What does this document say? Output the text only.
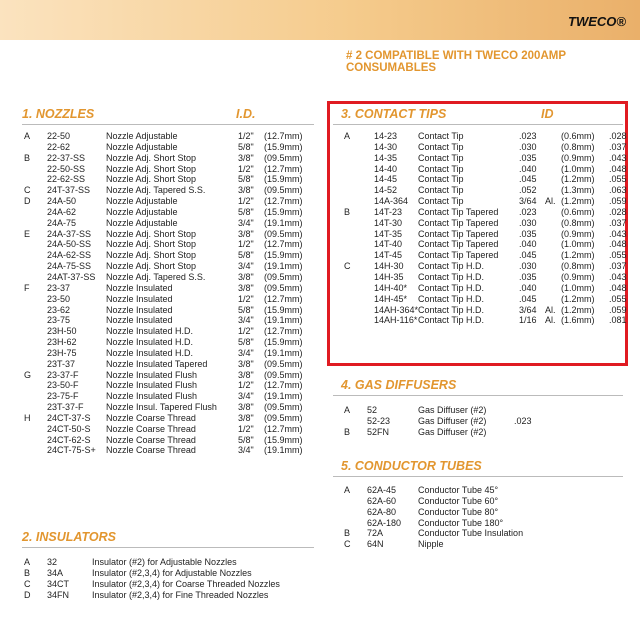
TWECO®
# 2 COMPATIBLE WITH TWECO 200AMP CONSUMABLES
1. NOZZLES	I.D.
A 22-50	Nozzle Adjustable	1/2" (12.7mm)
22-62	Nozzle Adjustable	5/8" (15.9mm)
B 22-37-SS Nozzle Adj. Short Stop	3/8" (09.5mm)
22-50-SS Nozzle Adj. Short Stop	1/2" (12.7mm)
22-62-SS Nozzle Adj. Short Stop	5/8" (15.9mm)
C 24T-37-SS Nozzle Adj. Tapered S.S.	3/8" (09.5mm)
D 24A-50	Nozzle Adjustable	1/2" (12.7mm)
24A-62	Nozzle Adjustable	5/8" (15.9mm)
24A-75	Nozzle Adjustable	3/4" (19.1mm)
E 24A-37-SS Nozzle Adj. Short Stop	3/8" (09.5mm)
24A-50-SS Nozzle Adj. Short Stop	1/2" (12.7mm)
24A-62-SS Nozzle Adj. Short Stop	5/8" (15.9mm)
24A-75-SS Nozzle Adj. Short Stop	3/4" (19.1mm)
24AT-37-SS Nozzle Adj. Tapered S.S.	3/8" (09.5mm)
F 23-37	Nozzle Insulated	3/8" (09.5mm)
23-50	Nozzle Insulated	1/2" (12.7mm)
23-62	Nozzle Insulated	5/8" (15.9mm)
23-75	Nozzle Insulated	3/4" (19.1mm)
23H-50	Nozzle Insulated H.D.	1/2" (12.7mm)
23H-62	Nozzle Insulated H.D.	5/8" (15.9mm)
23H-75	Nozzle Insulated H.D.	3/4" (19.1mm)
23T-37	Nozzle Insulated Tapered	3/8" (09.5mm)
G 23-37-F	Nozzle Insulated Flush	3/8" (09.5mm)
23-50-F	Nozzle Insulated Flush	1/2" (12.7mm)
23-75-F	Nozzle Insulated Flush	3/4" (19.1mm)
23T-37-F Nozzle Insul. Tapered Flush 3/8" (09.5mm)
H 24CT-37-S Nozzle Coarse Thread	3/8" (09.5mm)
24CT-50-S Nozzle Coarse Thread	1/2" (12.7mm)
24CT-62-S Nozzle Coarse Thread	5/8" (15.9mm)
24CT-75-S+ Nozzle Coarse Thread	3/4" (19.1mm)
2. INSULATORS
A 32	Insulator (#2) for Adjustable Nozzles
B 34A	Insulator (#2,3,4) for Adjustable Nozzles
C 34CT	Insulator (#2,3,4) for Coarse Threaded Nozzles
D 34FN	Insulator (#2,3,4) for Fine Threaded Nozzles
3. CONTACT TIPS	ID
A	14-23 Contact Tip	.023	(0.6mm) .028
14-30 Contact Tip	.030	(0.8mm) .037
14-35 Contact Tip	.035	(0.9mm) .043
14-40 Contact Tip	.040	(1.0mm) .048
14-45 Contact Tip	.045	(1.2mm) .055
14-52 Contact Tip	.052	(1.3mm) .063
14A-364 Contact Tip	3/64 Al. (1.2mm) .059
B	14T-23 Contact Tip Tapered .023	(0.6mm) .028
14T-30 Contact Tip Tapered .030	(0.8mm) .037
14T-35 Contact Tip Tapered .035	(0.9mm) .043
14T-40 Contact Tip Tapered .040	(1.0mm) .048
14T-45 Contact Tip Tapered .045	(1.2mm) .055
C	14H-30 Contact Tip H.D.	.030	(0.8mm) .037
14H-35 Contact Tip H.D.	.035	(0.9mm) .043
14H-40* Contact Tip H.D.	.040	(1.0mm) .048
14H-45* Contact Tip H.D.	.045	(1.2mm) .055
14AH-364* Contact Tip H.D.	3/64 Al. (1.2mm) .059
14AH-116* Contact Tip H.D.	1/16 Al. (1.6mm) .081
4. GAS DIFFUSERS
A 52	Gas Diffuser (#2)
52-23	Gas Diffuser (#2)	.023
B 52FN	Gas Diffuser (#2)
5. CONDUCTOR TUBES
A 62A-45 Conductor Tube 45°
62A-60 Conductor Tube 60°
62A-80 Conductor Tube 80°
62A-180 Conductor Tube 180°
B 72A	Conductor Tube Insulation
C 64N	Nipple
